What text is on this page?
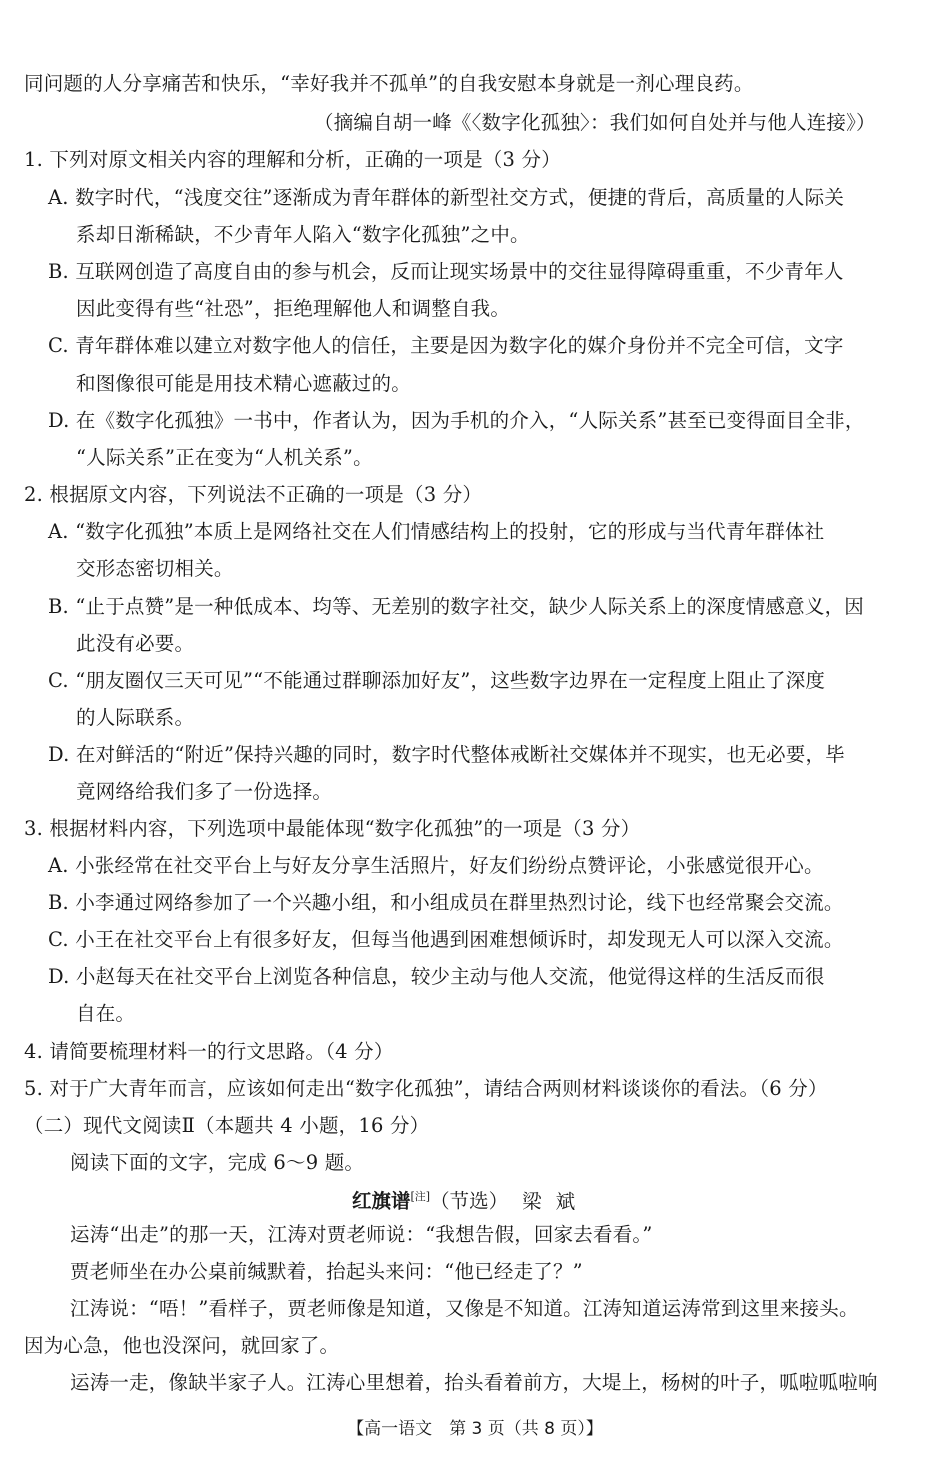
同问题的人分享痛苦和快乐，“幸好我并不孤单”的自我安慰本身就是一剂心理良药。
（摘编自胡一峰《〈数字化孤独〉：我们如何自处并与他人连接》）
1. 下列对原文相关内容的理解和分析，正确的一项是（3 分）
A. 数字时代，“浅度交往”逐渐成为青年群体的新型社交方式，便捷的背后，高质量的人际关
系却日渐稀缺，不少青年人陷入“数字化孤独”之中。
B. 互联网创造了高度自由的参与机会，反而让现实场景中的交往显得障碍重重，不少青年人
因此变得有些“社恐”，拒绝理解他人和调整自我。
C. 青年群体难以建立对数字他人的信任，主要是因为数字化的媒介身份并不完全可信，文字
和图像很可能是用技术精心遮蔽过的。
D. 在《数字化孤独》一书中，作者认为，因为手机的介入，“人际关系”甚至已变得面目全非，
“人际关系”正在变为“人机关系”。
2. 根据原文内容，下列说法不正确的一项是（3 分）
A. “数字化孤独”本质上是网络社交在人们情感结构上的投射，它的形成与当代青年群体社
交形态密切相关。
B. “止于点赞”是一种低成本、均等、无差别的数字社交，缺少人际关系上的深度情感意义，因
此没有必要。
C. “朋友圈仅三天可见”“不能通过群聊添加好友”，这些数字边界在一定程度上阻止了深度
的人际联系。
D. 在对鲜活的“附近”保持兴趣的同时，数字时代整体戒断社交媒体并不现实，也无必要，毕
竟网络给我们多了一份选择。
3. 根据材料内容，下列选项中最能体现“数字化孤独”的一项是（3 分）
A. 小张经常在社交平台上与好友分享生活照片，好友们纷纷点赞评论，小张感觉很开心。
B. 小李通过网络参加了一个兴趣小组，和小组成员在群里热烈讨论，线下也经常聚会交流。
C. 小王在社交平台上有很多好友，但每当他遇到困难想倾诉时，却发现无人可以深入交流。
D. 小赵每天在社交平台上浏览各种信息，较少主动与他人交流，他觉得这样的生活反而很
自在。
4. 请简要梳理材料一的行文思路。（4 分）
5. 对于广大青年而言，应该如何走出“数字化孤独”，请结合两则材料谈谈你的看法。（6 分）
（二）现代文阅读Ⅱ（本题共 4 小题，16 分）
阅读下面的文字，完成 6～9 题。
红旗谱[注]（节选） 梁斌
运涛“出走”的那一天，江涛对贾老师说：“我想告假，回家去看看。”
贾老师坐在办公桌前缄默着，抬起头来问：“他已经走了？”
江涛说：“唔！”看样子，贾老师像是知道，又像是不知道。江涛知道运涛常到这里来接头。
因为心急，他也没深问，就回家了。
运涛一走，像缺半家子人。江涛心里想着，抬头看着前方，大堤上，杨树的叶子，呱啦呱啦响
【高一语文　第 3 页（共 8 页）】
